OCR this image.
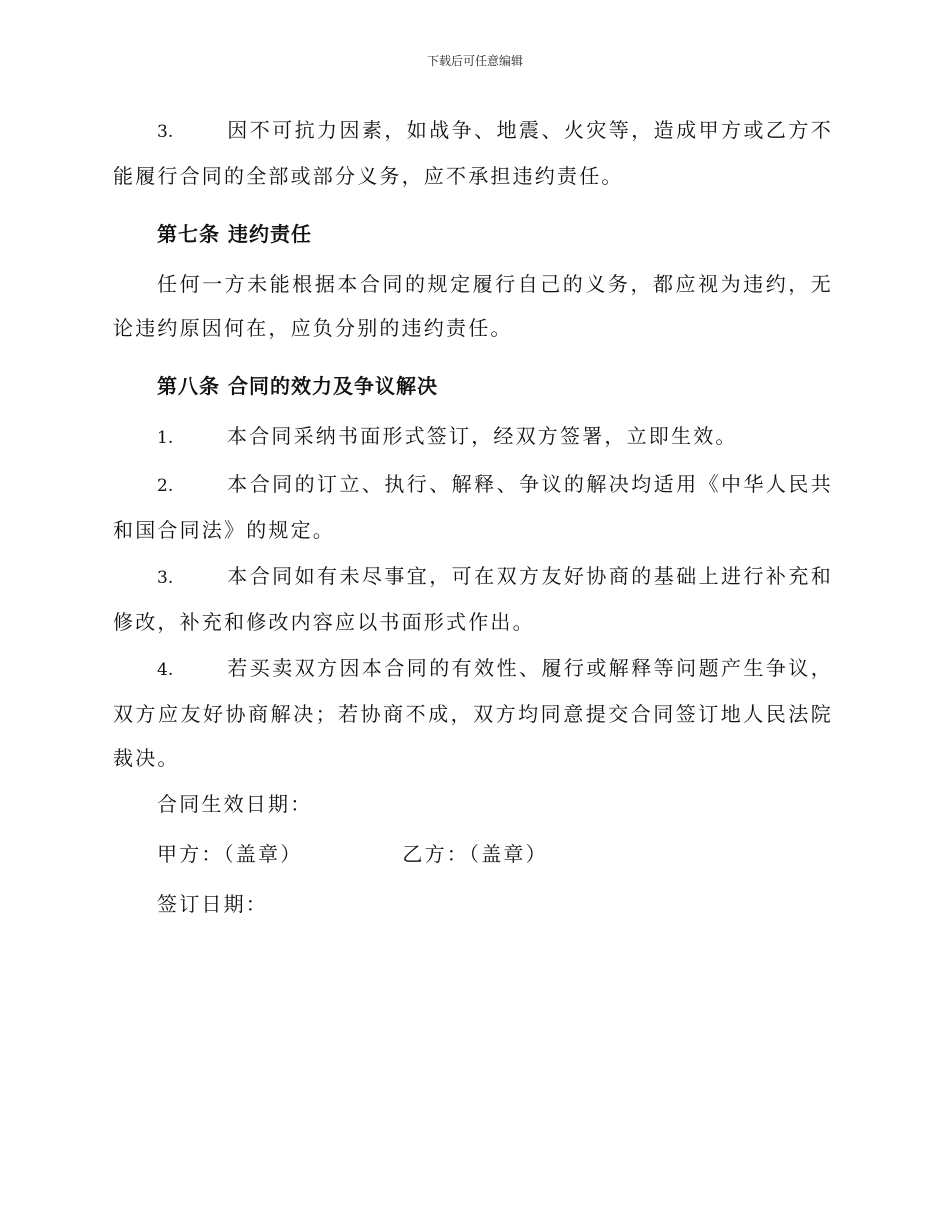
下载后可任意编辑

3.	因不可抗力因素，如战争、地震、火灾等，造成甲方或乙方不能履行合同的全部或部分义务，应不承担违约责任。

第七条 违约责任

任何一方未能根据本合同的规定履行自己的义务，都应视为违约，无论违约原因何在，应负分别的违约责任。

第八条 合同的效力及争议解决

1.	本合同采纳书面形式签订，经双方签署，立即生效。

2.	本合同的订立、执行、解释、争议的解决均适用《中华人民共和国合同法》的规定。

3.	本合同如有未尽事宜，可在双方友好协商的基础上进行补充和修改，补充和修改内容应以书面形式作出。

4.	若买卖双方因本合同的有效性、履行或解释等问题产生争议，双方应友好协商解决；若协商不成，双方均同意提交合同签订地人民法院裁决。

合同生效日期：
甲方：（盖章）	乙方：（盖章）
签订日期：
